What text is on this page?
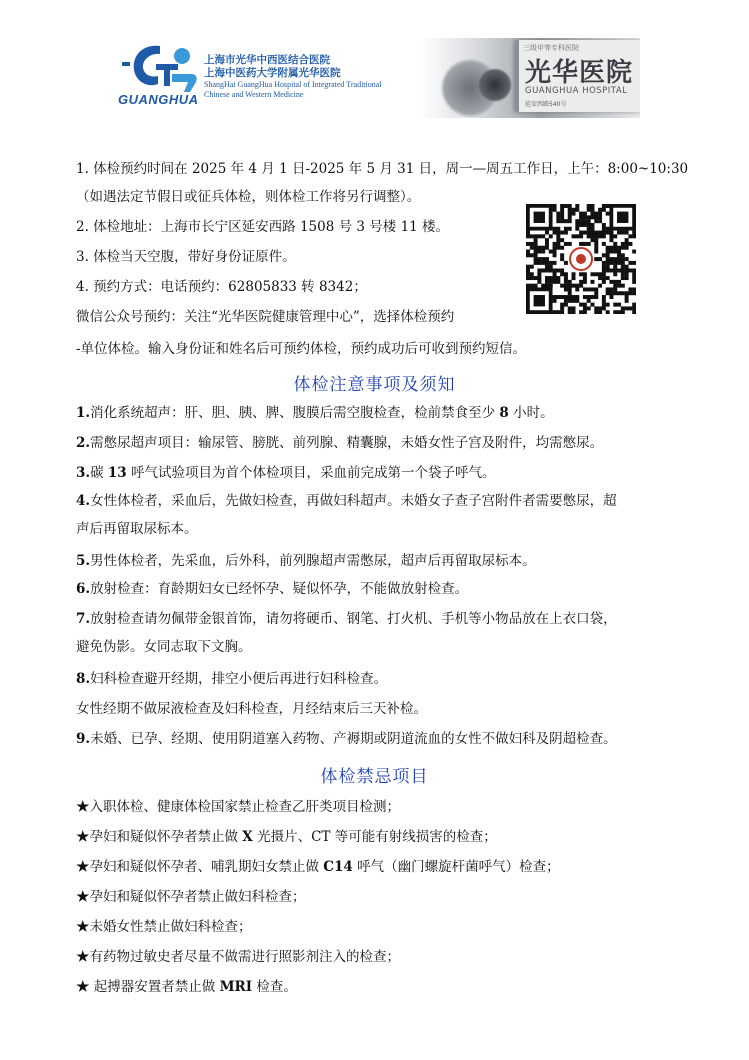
GUANGHUA
上海市光华中西医结合医院
上海中医药大学附属光华医院
ShangHai GuangHua Hospital of Integrated Traditional
Chinese and Western Medicine
三级甲等专科医院
光华医院
GUANGHUA HOSPITAL
延安西路540号
1. 体检预约时间在 2025 年 4 月 1 日-2025 年 5 月 31 日，周一—周五工作日，上午：8:00~10:30
（如遇法定节假日或征兵体检，则体检工作将另行调整）。
2. 体检地址：上海市长宁区延安西路 1508 号 3 号楼 11 楼。
3. 体检当天空腹，带好身份证原件。
4. 预约方式：电话预约：62805833 转 8342；
微信公众号预约：关注“光华医院健康管理中心”，选择体检预约
-单位体检。输入身份证和姓名后可预约体检，预约成功后可收到预约短信。
体检注意事项及须知
1.消化系统超声：肝、胆、胰、脾、腹膜后需空腹检查，检前禁食至少 8 小时。
2.需憋尿超声项目：输尿管、膀胱、前列腺、精囊腺，未婚女性子宫及附件，均需憋尿。
3.碳 13 呼气试验项目为首个体检项目，采血前完成第一个袋子呼气。
4.女性体检者，采血后，先做妇检查，再做妇科超声。未婚女子查子宫附件者需要憋尿，超
声后再留取尿标本。
5.男性体检者，先采血，后外科，前列腺超声需憋尿，超声后再留取尿标本。
6.放射检查：育龄期妇女已经怀孕、疑似怀孕，不能做放射检查。
7.放射检查请勿佩带金银首饰，请勿将硬币、钢笔、打火机、手机等小物品放在上衣口袋，
避免伪影。女同志取下文胸。
8.妇科检查避开经期，排空小便后再进行妇科检查。
女性经期不做尿液检查及妇科检查，月经结束后三天补检。
9.未婚、已孕、经期、使用阴道塞入药物、产褥期或阴道流血的女性不做妇科及阴超检查。
体检禁忌项目
★入职体检、健康体检国家禁止检查乙肝类项目检测；
★孕妇和疑似怀孕者禁止做 X 光摄片、CT 等可能有射线损害的检查；
★孕妇和疑似怀孕者、哺乳期妇女禁止做 C14 呼气（幽门螺旋杆菌呼气）检查；
★孕妇和疑似怀孕者禁止做妇科检查；
★未婚女性禁止做妇科检查；
★有药物过敏史者尽量不做需进行照影剂注入的检查；
★ 起搏器安置者禁止做 MRI 检查。
